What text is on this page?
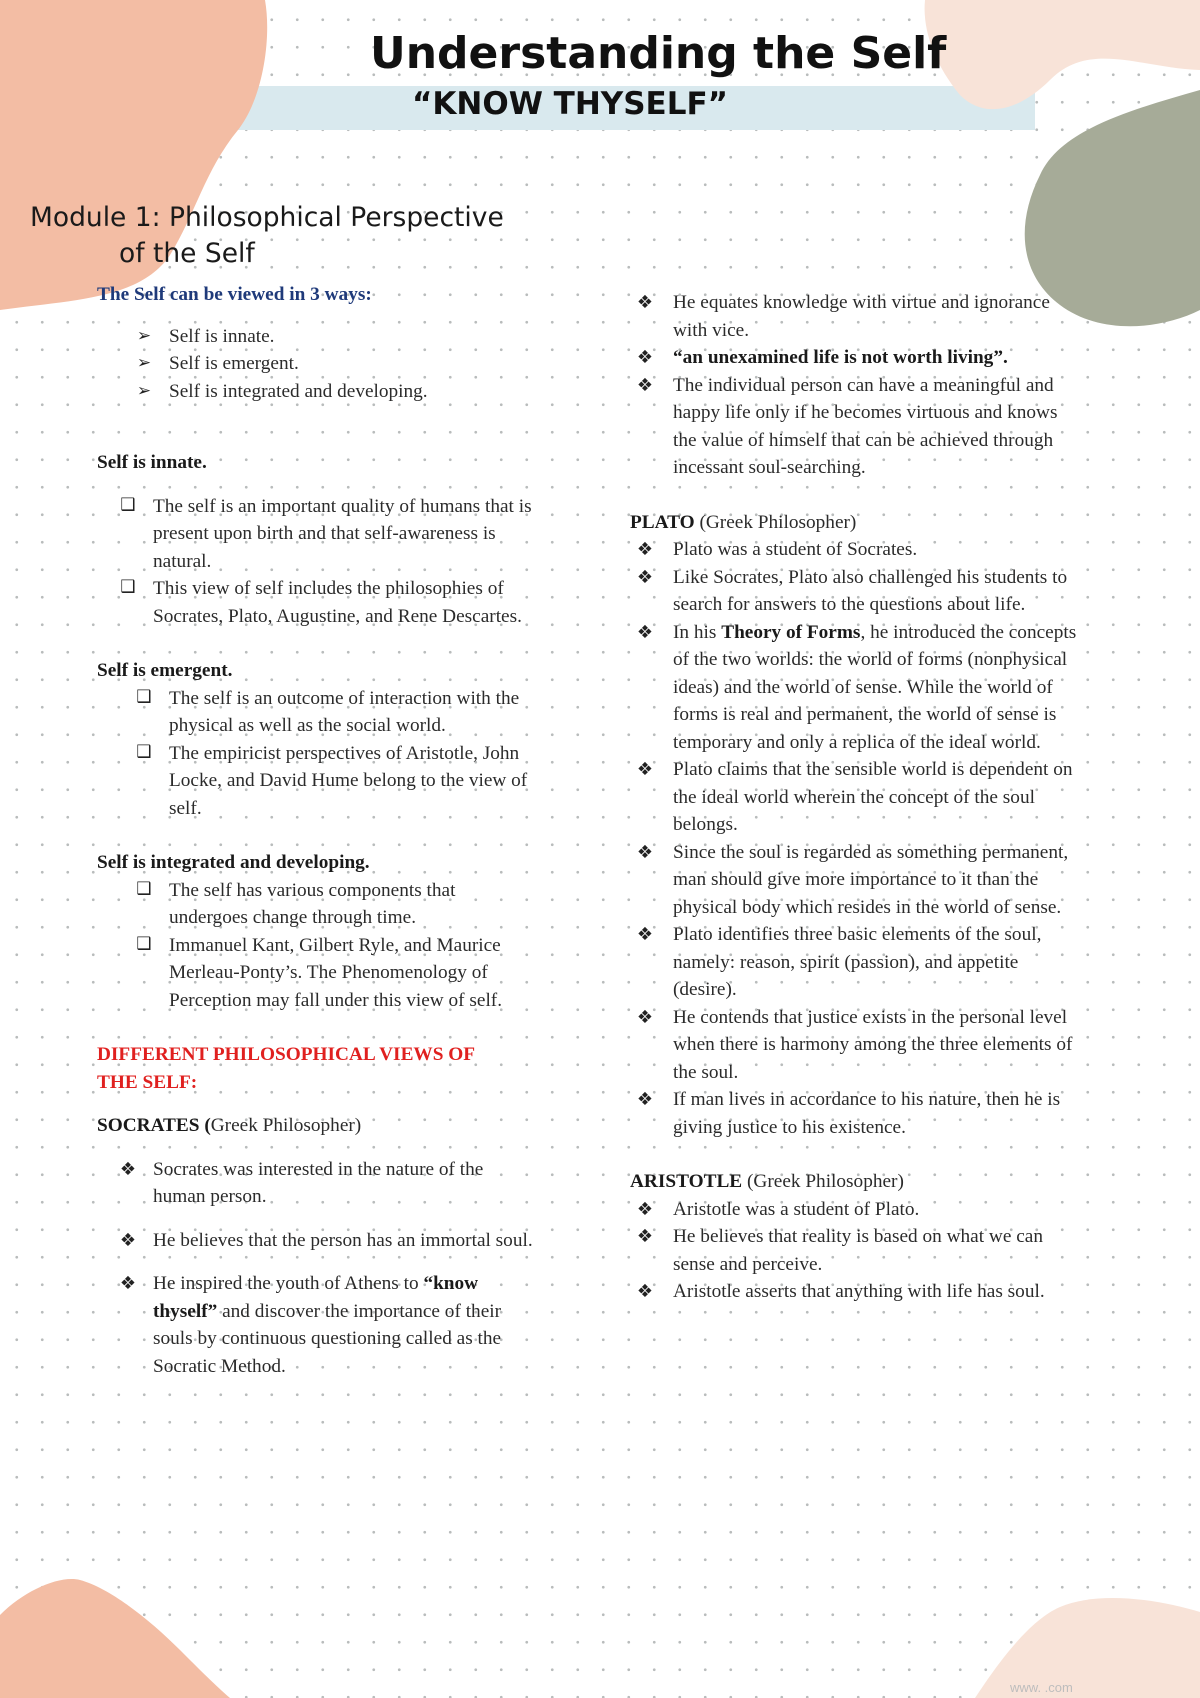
Understanding the Self
“KNOW THYSELF”
Module 1: Philosophical Perspective
of the Self
The Self can be viewed in 3 ways:
➢ Self is innate.
➢ Self is emergent.
➢ Self is integrated and developing.
Self is innate.
❑ The self is an important quality of humans that is present upon birth and that self-awareness is natural.
❑ This view of self includes the philosophies of Socrates, Plato, Augustine, and Rene Descartes.
Self is emergent.
❑ The self is an outcome of interaction with the physical as well as the social world.
❑ The empiricist perspectives of Aristotle, John Locke, and David Hume belong to the view of self.
Self is integrated and developing.
❑ The self has various components that undergoes change through time.
❑ Immanuel Kant, Gilbert Ryle, and Maurice Merleau-Ponty’s. The Phenomenology of Perception may fall under this view of self.
DIFFERENT PHILOSOPHICAL VIEWS OF THE SELF:
SOCRATES (Greek Philosopher)
❖ Socrates was interested in the nature of the human person.
❖ He believes that the person has an immortal soul.
❖ He inspired the youth of Athens to “know thyself” and discover the importance of their souls by continuous questioning called as the Socratic Method.
❖ He equates knowledge with virtue and ignorance with vice.
❖ “an unexamined life is not worth living”.
❖ The individual person can have a meaningful and happy life only if he becomes virtuous and knows the value of himself that can be achieved through incessant soul-searching.
PLATO (Greek Philosopher)
❖ Plato was a student of Socrates.
❖ Like Socrates, Plato also challenged his students to search for answers to the questions about life.
❖ In his Theory of Forms, he introduced the concepts of the two worlds: the world of forms (nonphysical ideas) and the world of sense. While the world of forms is real and permanent, the world of sense is temporary and only a replica of the ideal world.
❖ Plato claims that the sensible world is dependent on the ideal world wherein the concept of the soul belongs.
❖ Since the soul is regarded as something permanent, man should give more importance to it than the physical body which resides in the world of sense.
❖ Plato identifies three basic elements of the soul, namely: reason, spirit (passion), and appetite (desire).
❖ He contends that justice exists in the personal level when there is harmony among the three elements of the soul.
❖ If man lives in accordance to his nature, then he is giving justice to his existence.
ARISTOTLE (Greek Philosopher)
❖ Aristotle was a student of Plato.
❖ He believes that reality is based on what we can sense and perceive.
❖ Aristotle asserts that anything with life has soul.
www. .com
